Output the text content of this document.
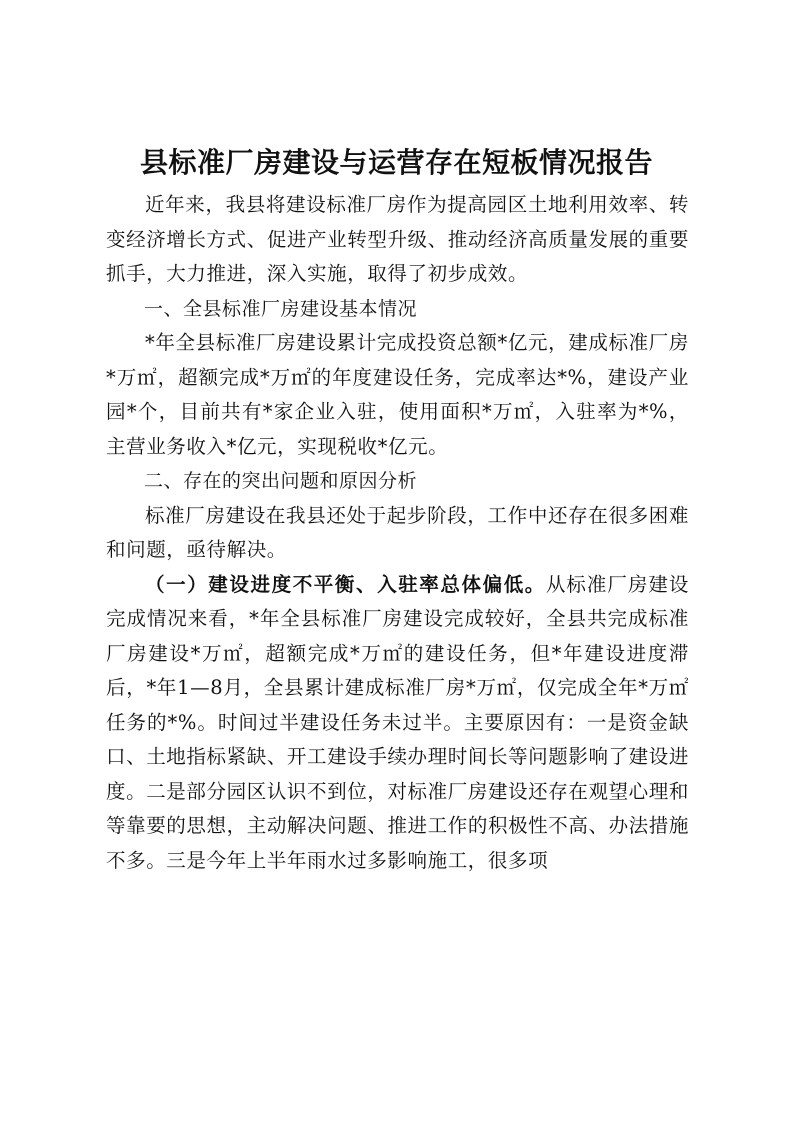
县标准厂房建设与运营存在短板情况报告

近年来，我县将建设标准厂房作为提高园区土地利用效率、转变经济增长方式、促进产业转型升级、推动经济高质量发展的重要抓手，大力推进，深入实施，取得了初步成效。

一、全县标准厂房建设基本情况

*年全县标准厂房建设累计完成投资总额*亿元，建成标准厂房*万㎡，超额完成*万㎡的年度建设任务，完成率达*%，建设产业园*个，目前共有*家企业入驻，使用面积*万㎡，入驻率为*%，主营业务收入*亿元，实现税收*亿元。

二、存在的突出问题和原因分析

标准厂房建设在我县还处于起步阶段，工作中还存在很多困难和问题，亟待解决。

（一）建设进度不平衡、入驻率总体偏低。从标准厂房建设完成情况来看，*年全县标准厂房建设完成较好，全县共完成标准厂房建设*万㎡，超额完成*万㎡的建设任务，但*年建设进度滞后，*年1—8月，全县累计建成标准厂房*万㎡，仅完成全年*万㎡任务的*%。时间过半建设任务未过半。主要原因有：一是资金缺口、土地指标紧缺、开工建设手续办理时间长等问题影响了建设进度。二是部分园区认识不到位，对标准厂房建设还存在观望心理和等靠要的思想，主动解决问题、推进工作的积极性不高、办法措施不多。三是今年上半年雨水过多影响施工，很多项
